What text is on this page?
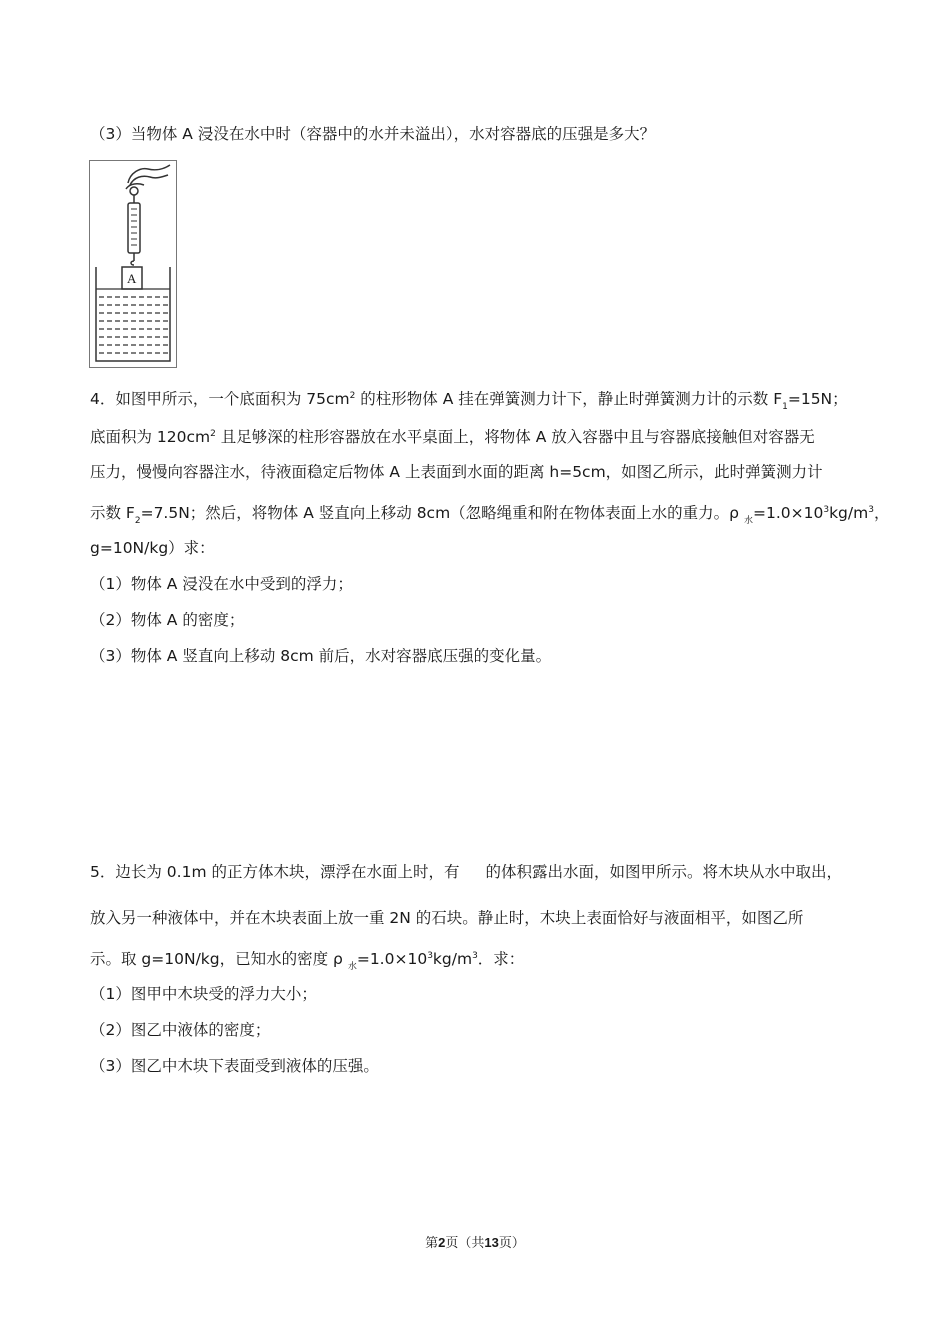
（3）当物体 A 浸没在水中时（容器中的水并未溢出），水对容器底的压强是多大？
A
4．如图甲所示，一个底面积为 $75cm^2$ 的柱形物体 A 挂在弹簧测力计下，静止时弹簧测力计的示数 $F_1=15N$；
底面积为 $120cm^2$ 且足够深的柱形容器放在水平桌面上，将物体 A 放入容器中且与容器底接触但对容器无
压力，慢慢向容器注水，待液面稳定后物体 A 上表面到水面的距离 h=5cm，如图乙所示，此时弹簧测力计
示数 $F_2=7.5N$；然后，将物体 A 竖直向上移动 8cm（忽略绳重和附在物体表面上水的重力。ρ $_水=1.0\times 10^3kg/m^3$，
g=10N/kg）求：
（1）物体 A 浸没在水中受到的浮力；
（2）物体 A 的密度；
（3）物体 A 竖直向上移动 8cm 前后，水对容器底压强的变化量。
5．边长为 0.1m 的正方体木块，漂浮在水面上时，有 的体积露出水面，如图甲所示。将木块从水中取出，
放入另一种液体中，并在木块表面上放一重 2N 的石块。静止时，木块上表面恰好与液面相平，如图乙所
示。取 g=10N/kg，已知水的密度 ρ $_水=1.0\times 10^3kg/m^3$．求：
（1）图甲中木块受的浮力大小；
（2）图乙中液体的密度；
（3）图乙中木块下表面受到液体的压强。
第2页（共13页）
